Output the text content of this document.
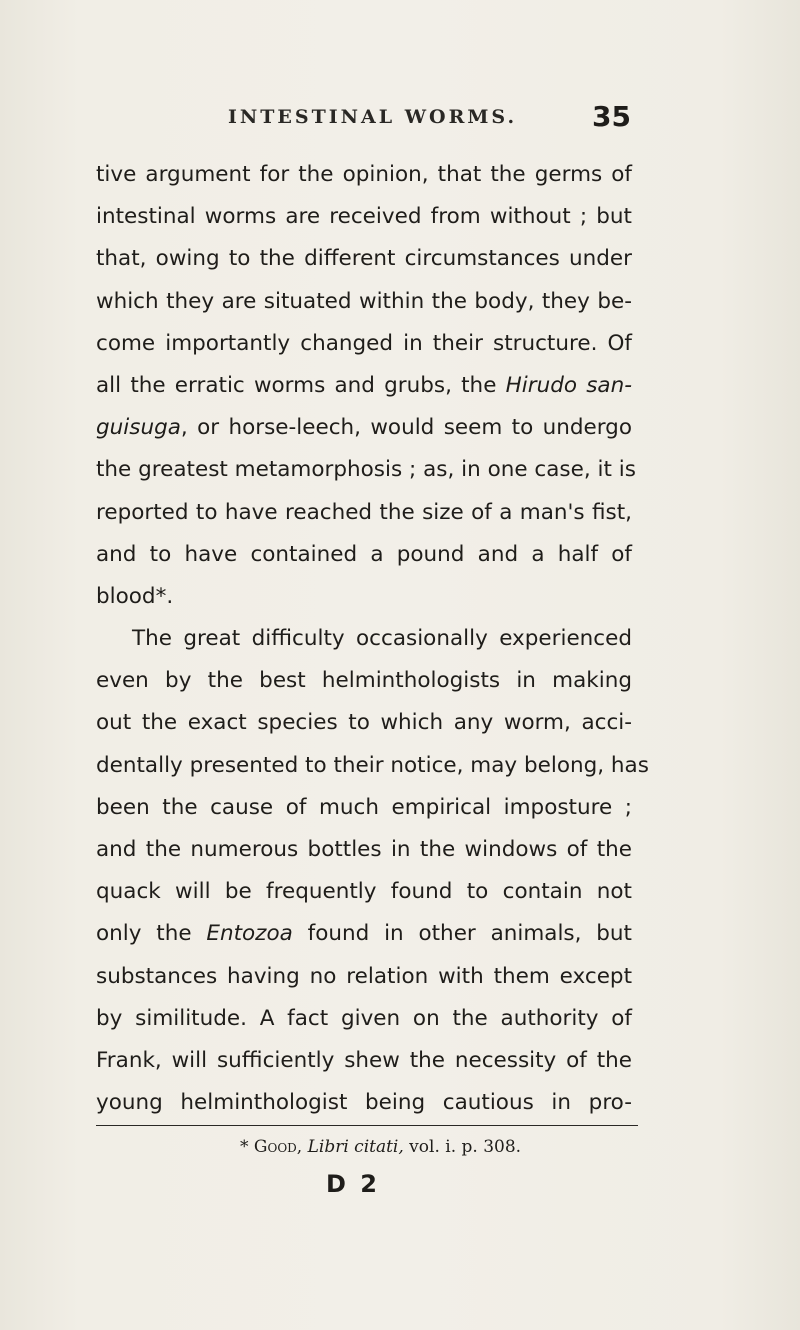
INTESTINAL WORMS.	35
tive argument for the opinion, that the germs of
intestinal worms are received from without ; but
that, owing to the different circumstances under
which they are situated within the body, they be-
come importantly changed in their structure. Of
all the erratic worms and grubs, the Hirudo san-
guisuga, or horse-leech, would seem to undergo
the greatest metamorphosis ; as, in one case, it is
reported to have reached the size of a man's fist,
and to have contained a pound and a half of
blood*.
The great difficulty occasionally experienced
even by the best helminthologists in making
out the exact species to which any worm, acci-
dentally presented to their notice, may belong, has
been the cause of much empirical imposture ;
and the numerous bottles in the windows of the
quack will be frequently found to contain not
only the Entozoa found in other animals, but
substances having no relation with them except
by similitude. A fact given on the authority of
Frank, will sufficiently shew the necessity of the
young helminthologist being cautious in pro-
* Good, Libri citati, vol. i. p. 308.
D 2
